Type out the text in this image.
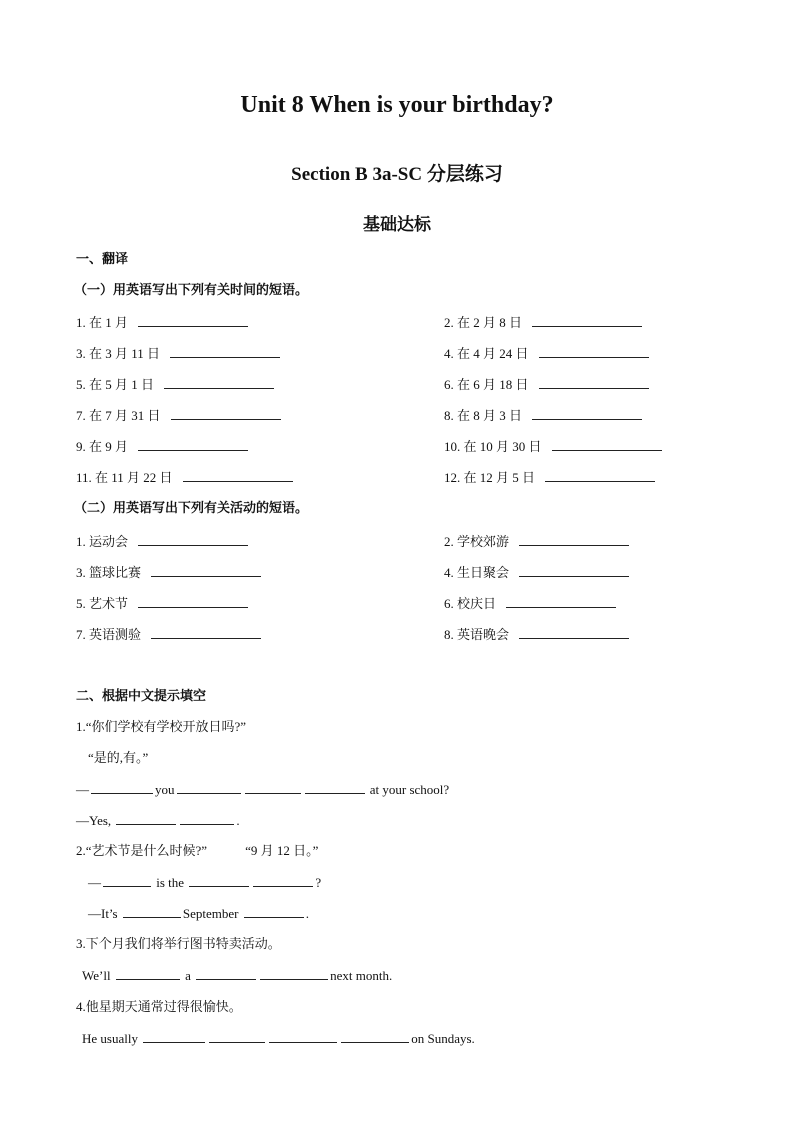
Unit 8 When is your birthday?
Section B 3a-SC 分层练习
基础达标
一、翻译
（一）用英语写出下列有关时间的短语。
1. 在 1 月	2. 在 2 月 8 日
3. 在 3 月 11 日	4. 在 4 月 24 日
5. 在 5 月 1 日	6. 在 6 月 18 日
7. 在 7 月 31 日	8. 在 8 月 3 日
9. 在 9 月	10. 在 10 月 30 日
11. 在 11 月 22 日	12. 在 12 月 5 日
（二）用英语写出下列有关活动的短语。
1. 运动会	2. 学校郊游
3. 篮球比赛	4. 生日聚会
5. 艺术节	6. 校庆日
7. 英语测验	8. 英语晚会
二、根据中文提示填空
1.“你们学校有学校开放日吗?”
“是的,有。”
—	you	at your school?
—Yes,	.
2.“艺术节是什么时候?”	“9 月 12 日。”
—	is the	?
—It’s	September	.
3.下个月我们将举行图书特卖活动。
We’ll	a	next month.
4.他星期天通常过得很愉快。
He usually	on Sundays.
